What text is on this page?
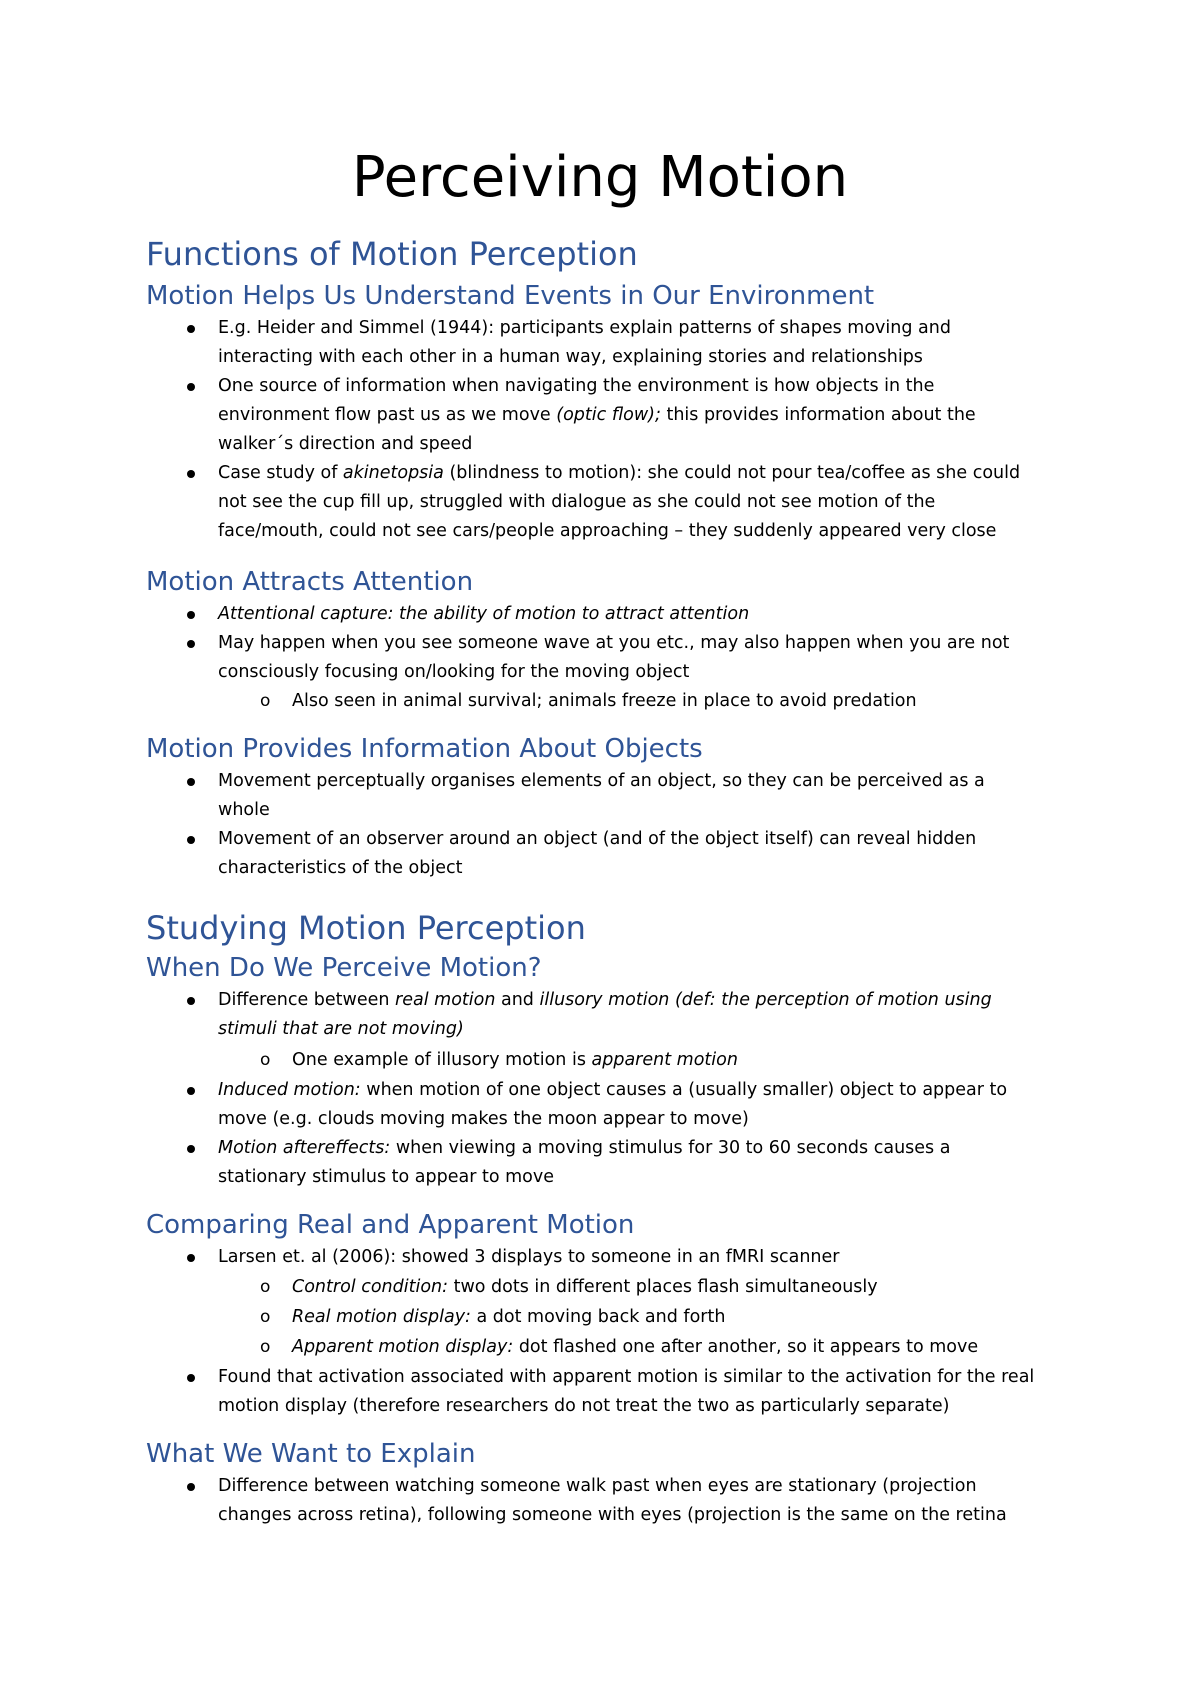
Perceiving Motion
Functions of Motion Perception
Motion Helps Us Understand Events in Our Environment
E.g. Heider and Simmel (1944): participants explain patterns of shapes moving and
interacting with each other in a human way, explaining stories and relationships
One source of information when navigating the environment is how objects in the
environment flow past us as we move (optic flow); this provides information about the
walker´s direction and speed
Case study of akinetopsia (blindness to motion): she could not pour tea/coffee as she could
not see the cup fill up, struggled with dialogue as she could not see motion of the
face/mouth, could not see cars/people approaching – they suddenly appeared very close
Motion Attracts Attention
Attentional capture: the ability of motion to attract attention
May happen when you see someone wave at you etc., may also happen when you are not
consciously focusing on/looking for the moving object
o Also seen in animal survival; animals freeze in place to avoid predation
Motion Provides Information About Objects
Movement perceptually organises elements of an object, so they can be perceived as a
whole
Movement of an observer around an object (and of the object itself) can reveal hidden
characteristics of the object
Studying Motion Perception
When Do We Perceive Motion?
Difference between real motion and illusory motion (def: the perception of motion using
stimuli that are not moving)
o One example of illusory motion is apparent motion
Induced motion: when motion of one object causes a (usually smaller) object to appear to
move (e.g. clouds moving makes the moon appear to move)
Motion aftereffects: when viewing a moving stimulus for 30 to 60 seconds causes a
stationary stimulus to appear to move
Comparing Real and Apparent Motion
Larsen et. al (2006): showed 3 displays to someone in an fMRI scanner
o Control condition: two dots in different places flash simultaneously
o Real motion display: a dot moving back and forth
o Apparent motion display: dot flashed one after another, so it appears to move
Found that activation associated with apparent motion is similar to the activation for the real
motion display (therefore researchers do not treat the two as particularly separate)
What We Want to Explain
Difference between watching someone walk past when eyes are stationary (projection
changes across retina), following someone with eyes (projection is the same on the retina
